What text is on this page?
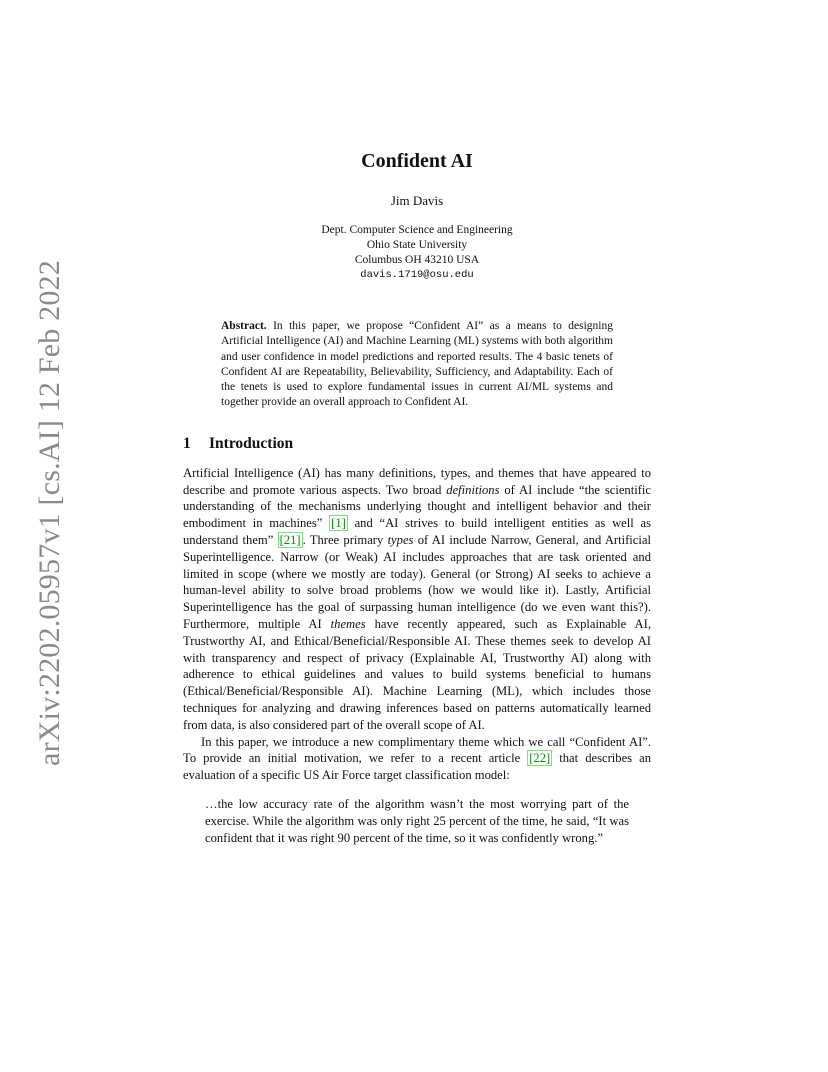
arXiv:2202.05957v1 [cs.AI] 12 Feb 2022
Confident AI
Jim Davis
Dept. Computer Science and Engineering
Ohio State University
Columbus OH 43210 USA
davis.1719@osu.edu
Abstract. In this paper, we propose “Confident AI” as a means to designing Artificial Intelligence (AI) and Machine Learning (ML) systems with both algorithm and user confidence in model predictions and reported results. The 4 basic tenets of Confident AI are Repeatability, Believability, Sufficiency, and Adaptability. Each of the tenets is used to explore fundamental issues in current AI/ML systems and together provide an overall approach to Confident AI.
1 Introduction

Artificial Intelligence (AI) has many definitions, types, and themes that have appeared to describe and promote various aspects. Two broad definitions of AI include “the scientific understanding of the mechanisms underlying thought and intelligent behavior and their embodiment in machines” [1] and “AI strives to build intelligent entities as well as understand them” [21] . Three primary types of AI include Narrow, General, and Artificial Superintelligence. Narrow (or Weak) AI includes approaches that are task oriented and limited in scope (where we mostly are today). General (or Strong) AI seeks to achieve a human-level ability to solve broad problems (how we would like it). Lastly, Artificial Superintelligence has the goal of surpassing human intelligence (do we even want this?). Furthermore, multiple AI themes have recently appeared, such as Explainable AI, Trustworthy AI, and Ethical/Beneficial/Responsible AI. These themes seek to develop AI with transparency and respect of privacy (Explainable AI, Trustworthy AI) along with adherence to ethical guidelines and values to build systems beneficial to humans (Ethical/Beneficial/Responsible AI). Machine Learning (ML), which includes those techniques for analyzing and drawing inferences based on patterns automatically learned from data, is also considered part of the overall scope of AI.

In this paper, we introduce a new complimentary theme which we call “Confident AI”. To provide an initial motivation, we refer to a recent article [22] that describes an evaluation of a specific US Air Force target classification model:

…the low accuracy rate of the algorithm wasn’t the most worrying part of the exercise. While the algorithm was only right 25 percent of the time, he said, “It was confident that it was right 90 percent of the time, so it was confidently wrong.”
